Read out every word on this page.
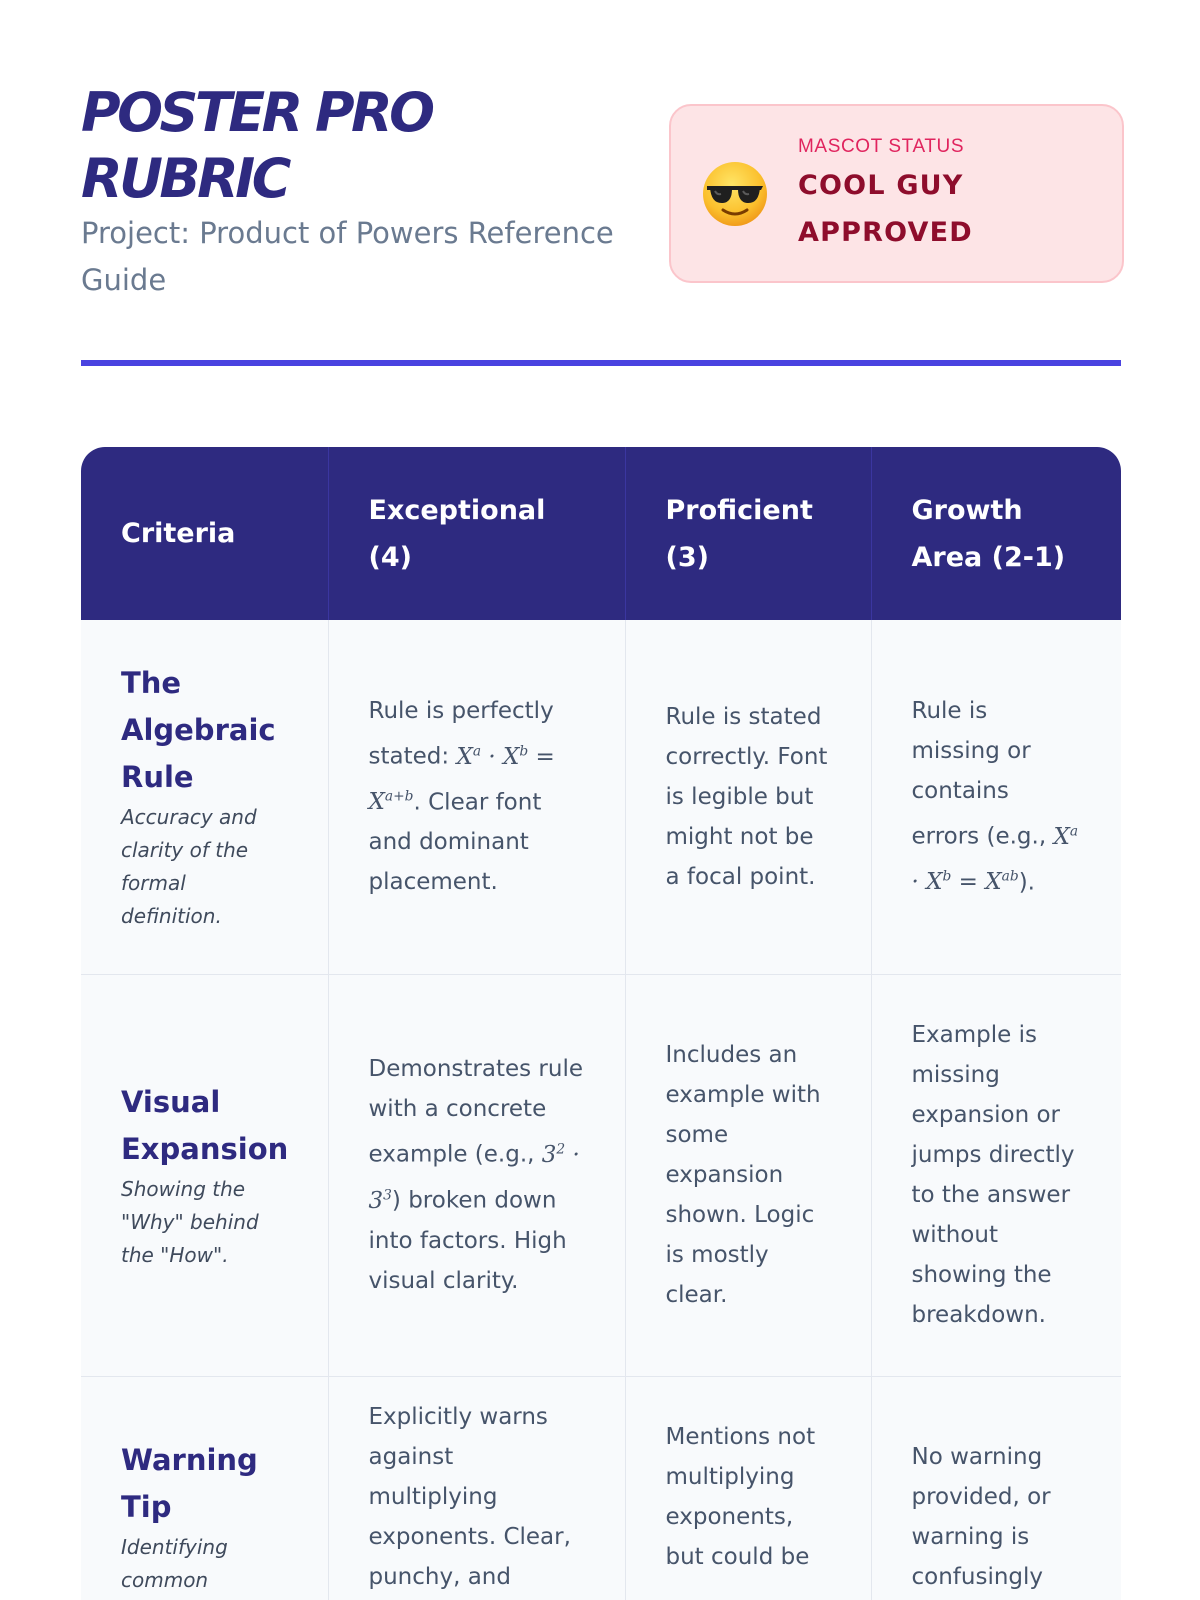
POSTER PRO RUBRIC
Project: Product of Powers Reference Guide
MASCOT STATUS
COOL GUY APPROVED
Criteria	Exceptional (4)	Proficient (3)	Growth Area (2-1)

The Algebraic Rule
Accuracy and clarity of the formal definition.	Rule is perfectly stated: $X^a \cdot X^b = X^{a+b}$. Clear font and dominant placement.	Rule is stated correctly. Font is legible but might not be a focal point.	Rule is missing or contains errors (e.g., $X^a \cdot X^b = X^{ab}$).

Visual Expansion
Showing the "Why" behind the "How".	Demonstrates rule with a concrete example (e.g., $3^2 \cdot 3^3$) broken down into factors. High visual clarity.	Includes an example with some expansion shown. Logic is mostly clear.	Example is missing expansion or jumps directly to the answer without showing the breakdown.

Warning Tip
Identifying common	Explicitly warns against multiplying exponents. Clear, punchy, and	Mentions not multiplying exponents, but could be	No warning provided, or warning is confusingly
